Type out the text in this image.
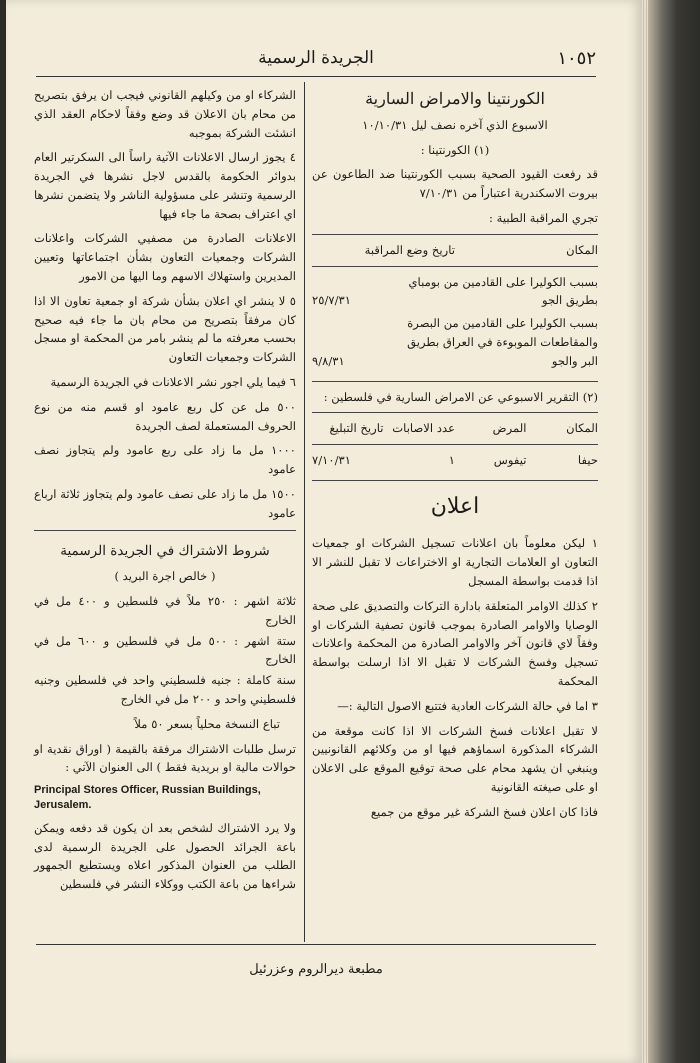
١٠٥٢
الجريدة الرسمية
الكورنتينا والامراض السارية

الاسبوع الذي آخره نصف ليل ١٠/١٠/٣١

(١) الكورنتينا :

قد رفعت القيود الصحية بسبب الكورنتينا ضد الطاعون عن بيروت الاسكندرية اعتباراً من ٧/١٠/٣١

تجري المراقبة الطبية :

المكان
تاريخ وضع المراقبة
بسبب الكوليرا على القادمين من بومباي بطريق الجو
٢٥/٧/٣١
بسبب الكوليرا على القادمين من البصرة والمقاطعات الموبوءة في العراق بطريق البر والجو
٩/٨/٣١

(٢) التقرير الاسبوعي عن الامراض السارية في فلسطين :

المكان
المرض
عدد الاصابات
تاريخ التبليغ
حيفا
تيفوس
١
٧/١٠/٣١
اعلان

١ ليكن معلوماً بان اعلانات تسجيل الشركات او جمعيات التعاون او العلامات التجارية او الاختراعات لا تقبل للنشر الا اذا قدمت بواسطة المسجل

٢ كذلك الاوامر المتعلقة بادارة التركات والتصديق على صحة الوصايا والاوامر الصادرة بموجب قانون تصفية الشركات او وفقاً لاي قانون آخر والاوامر الصادرة من المحكمة واعلانات تسجيل وفسخ الشركات لا تقبل الا اذا ارسلت بواسطة المحكمة

٣ اما في حالة الشركات العادية فتتبع الاصول التالية :—

لا تقبل اعلانات فسخ الشركات الا اذا كانت موقعة من الشركاء المذكورة اسماؤهم فيها او من وكلائهم القانونيين وينبغي ان يشهد محام على صحة توقيع الموقع على الاعلان او على صيغته القانونية

فاذا كان اعلان فسخ الشركة غير موقع من جميع

الشركاء او من وكيلهم القانوني فيجب ان يرفق بتصريح من محام بان الاعلان قد وضع وفقاً لاحكام العقد الذي انشئت الشركة بموجبه

٤ يجوز ارسال الاعلانات الآتية راساً الى السكرتير العام بدوائر الحكومة بالقدس لاجل نشرها في الجريدة الرسمية وتنشر على مسؤولية الناشر ولا يتضمن نشرها اي اعتراف بصحة ما جاء فيها

الاعلانات الصادرة من مصفيي الشركات واعلانات الشركات وجمعيات التعاون بشأن اجتماعاتها وتعيين المديرين واستهلاك الاسهم وما اليها من الامور

٥ لا ينشر اي اعلان بشأن شركة او جمعية تعاون الا اذا كان مرفقاً بتصريح من محام بان ما جاء فيه صحيح بحسب معرفته ما لم ينشر بامر من المحكمة او مسجل الشركات وجمعيات التعاون

٦ فيما يلي اجور نشر الاعلانات في الجريدة الرسمية

٥٠٠ مل عن كل ربع عامود او قسم منه من نوع الحروف المستعملة لصف الجريدة

١٠٠٠ مل ما زاد على ربع عامود ولم يتجاوز نصف عامود

١٥٠٠ مل ما زاد على نصف عامود ولم يتجاوز ثلاثة ارباع عامود

شروط الاشتراك في الجريدة الرسمية

( خالص اجرة البريد )

ثلاثة اشهر : ٢٥٠ ملاً في فلسطين و ٤٠٠ مل في الخارج

ستة اشهر : ٥٠٠ مل في فلسطين و ٦٠٠ مل في الخارج

سنة كاملة : جنيه فلسطيني واحد في فلسطين وجنيه فلسطيني واحد و ٢٠٠ مل في الخارج

تباع النسخة محلياً بسعر ٥٠ ملاً

ترسل طلبات الاشتراك مرفقة بالقيمة ( اوراق نقدية او حوالات مالية او بريدية فقط ) الى العنوان الآتي :

Principal Stores Officer, Russian Buildings,
Jerusalem.

ولا يرد الاشتراك لشخص بعد ان يكون قد دفعه ويمكن باعة الجرائد الحصول على الجريدة الرسمية لدى الطلب من العنوان المذكور اعلاه ويستطيع الجمهور شراءها من باعة الكتب ووكلاء النشر في فلسطين

مطبعة ديرالروم وعزرئيل
